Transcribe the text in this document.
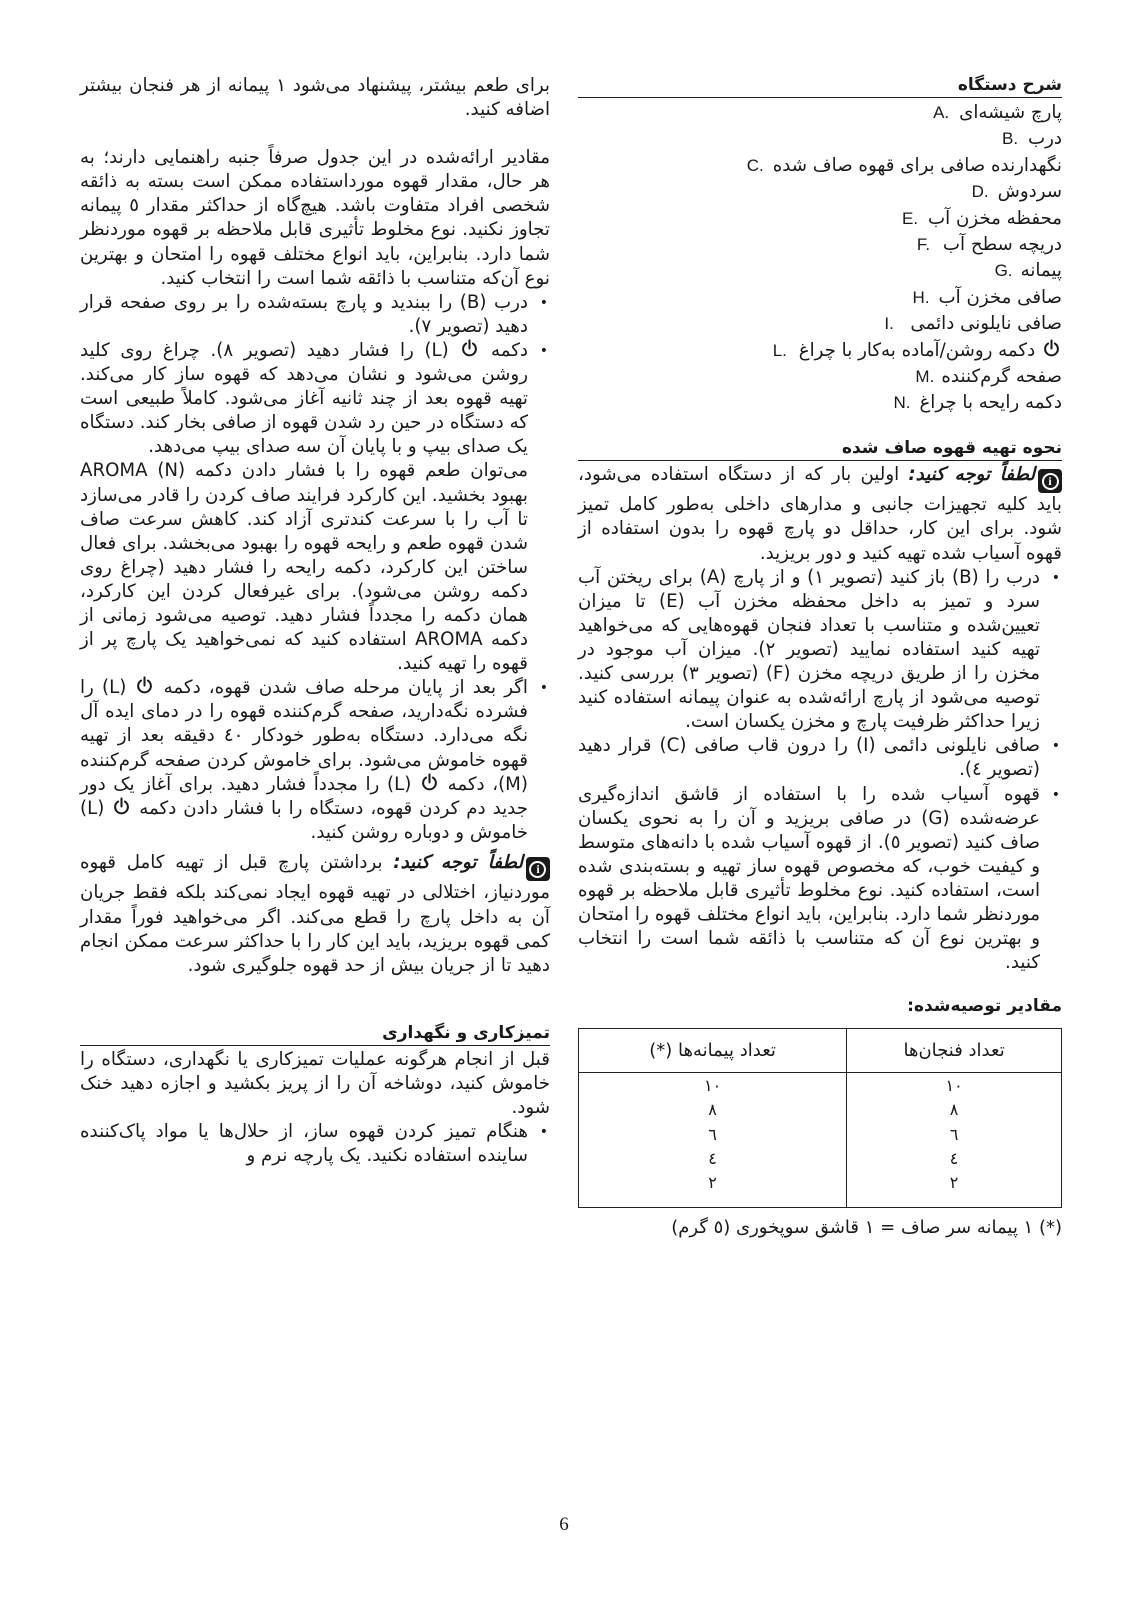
شرح دستگاه
A. پارچ شیشه‌ای
B. درب
C. نگهدارنده صافی برای قهوه صاف شده
D. سردوش
E. محفظه مخزن آب
F. دریچه سطح آب
G. پیمانه
H. صافی مخزن آب
I. صافی نایلونی دائمی
L. دکمه روشن/آماده به‌کار با چراغ
M. صفحه گرم‌کننده
N. دکمه رایحه با چراغ
نحوه تهیه قهوه صاف شده

i
لطفاً توجه کنید: اولین بار که از دستگاه استفاده می‌شود، باید کلیه تجهیزات جانبی و مدارهای داخلی به‌طور کامل تمیز شود. برای این کار، حداقل دو پارچ قهوه را بدون استفاده از قهوه آسیاب شده تهیه کنید و دور بریزید.

• درب را (B) باز کنید (تصویر ۱) و از پارچ (A) برای ریختن آب سرد و تمیز به داخل محفظه مخزن آب (E) تا میزان تعیین‌شده و متناسب با تعداد فنجان قهوه‌هایی که می‌خواهید تهیه کنید استفاده نمایید (تصویر ۲). میزان آب موجود در مخزن را از طریق دریچه مخزن (F) (تصویر ۳) بررسی کنید. توصیه می‌شود از پارچ ارائه‌شده به عنوان پیمانه استفاده کنید زیرا حداکثر ظرفیت پارچ و مخزن یکسان است.
• صافی نایلونی دائمی (I) را درون قاب صافی (C) قرار دهید (تصویر ٤).
• قهوه آسیاب شده را با استفاده از قاشق اندازه‌گیری عرضه‌شده (G) در صافی بریزید و آن را به نحوی یکسان صاف کنید (تصویر ٥). از قهوه آسیاب شده با دانه‌های متوسط و کیفیت خوب، که مخصوص قهوه ساز تهیه و بسته‌بندی شده است، استفاده کنید. نوع مخلوط تأثیری قابل ملاحظه بر قهوه موردنظر شما دارد. بنابراین، باید انواع مختلف قهوه را امتحان و بهترین نوع آن که متناسب با ذائقه شما است را انتخاب کنید.
مقادیر توصیه‌شده:
تعداد فنجان‌ها	تعداد پیمانه‌ها (*)
۱۰	۱۰
۸	۸
٦	٦
٤	٤
۲	۲

(*) ۱ پیمانه سر صاف = ۱ قاشق سوپخوری (٥ گرم)

برای طعم بیشتر، پیشنهاد می‌شود ۱ پیمانه از هر فنجان بیشتر اضافه کنید.

مقادیر ارائه‌شده در این جدول صرفاً جنبه راهنمایی دارند؛ به هر حال، مقدار قهوه مورداستفاده ممکن است بسته به ذائقه شخصی افراد متفاوت باشد. هیچ‌گاه از حداکثر مقدار ٥ پیمانه تجاوز نکنید. نوع مخلوط تأثیری قابل ملاحظه بر قهوه موردنظر شما دارد. بنابراین، باید انواع مختلف قهوه را امتحان و بهترین نوع آن‌که متناسب با ذائقه شما است را انتخاب کنید.

• درب (B) را ببندید و پارچ بسته‌شده را بر روی صفحه قرار دهید (تصویر ۷).
• دکمه  (L) را فشار دهید (تصویر ۸). چراغ روی کلید روشن می‌شود و نشان می‌دهد که قهوه ساز کار می‌کند. تهیه قهوه بعد از چند ثانیه آغاز می‌شود. کاملاً طبیعی است که دستگاه در حین رد شدن قهوه از صافی بخار کند. دستگاه یک صدای بیپ و با پایان آن سه صدای بیپ می‌دهد.
می‌توان طعم قهوه را با فشار دادن دکمه AROMA (N) بهبود بخشید. این کارکرد فرایند صاف کردن را قادر می‌سازد تا آب را با سرعت کندتری آزاد کند. کاهش سرعت صاف شدن قهوه طعم و رایحه قهوه را بهبود می‌بخشد. برای فعال ساختن این کارکرد، دکمه رایحه را فشار دهید (چراغ روی دکمه روشن می‌شود). برای غیرفعال کردن این کارکرد، همان دکمه را مجدداً فشار دهید. توصیه می‌شود زمانی از دکمه AROMA استفاده کنید که نمی‌خواهید یک پارچ پر از قهوه را تهیه کنید.
• اگر بعد از پایان مرحله صاف شدن قهوه، دکمه  (L) را فشرده نگه‌دارید، صفحه گرم‌کننده قهوه را در دمای ایده آل نگه می‌دارد. دستگاه به‌طور خودکار ٤٠ دقیقه بعد از تهیه قهوه خاموش می‌شود. برای خاموش کردن صفحه گرم‌کننده (M)، دکمه  (L) را مجدداً فشار دهید. برای آغاز یک دور جدید دم کردن قهوه، دستگاه را با فشار دادن دکمه  (L) خاموش و دوباره روشن کنید.

i
لطفاً توجه کنید: برداشتن پارچ قبل از تهیه کامل قهوه موردنیاز، اختلالی در تهیه قهوه ایجاد نمی‌کند بلکه فقط جریان آن به داخل پارچ را قطع می‌کند. اگر می‌خواهید فوراً مقدار کمی قهوه بریزید، باید این کار را با حداکثر سرعت ممکن انجام دهید تا از جریان بیش از حد قهوه جلوگیری شود.

تمیزکاری و نگهداری

قبل از انجام هرگونه عملیات تمیزکاری یا نگهداری، دستگاه را خاموش کنید، دوشاخه آن را از پریز بکشید و اجازه دهید خنک شود.

• هنگام تمیز کردن قهوه ساز، از حلال‌ها یا مواد پاک‌کننده ساینده استفاده نکنید. یک پارچه نرم و
6
